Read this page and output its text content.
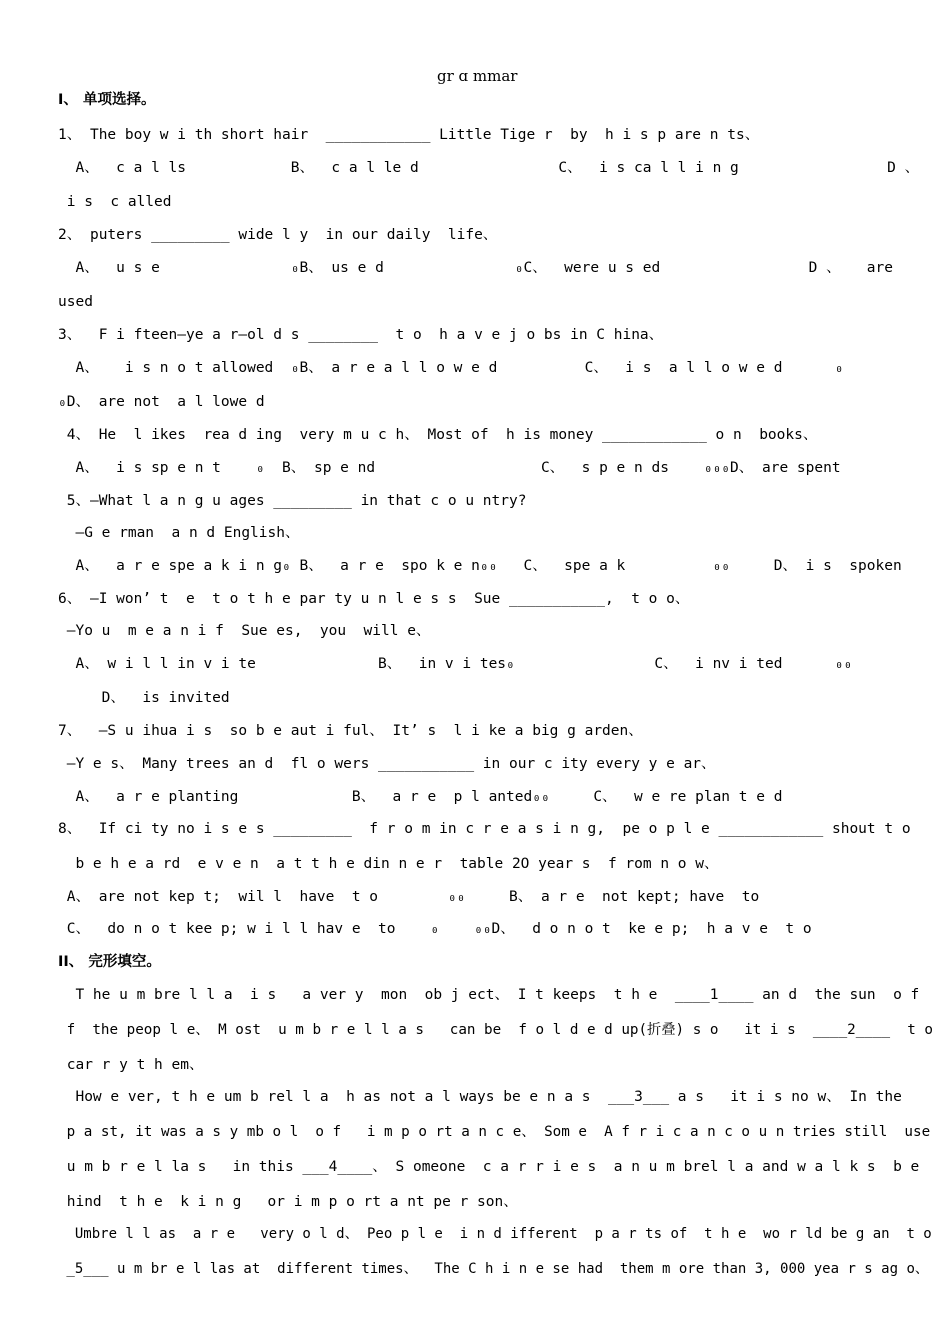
gr ɑ mmar
I、 单项选择。
1、 The boy w i th short hair  ____________ Little Tige r  by  h i s p are n ts、
A、  c a l ls            B、  c a l le d                C、  i s ca l l i n g                 D 、
i s  c alled
2、 puters _________ wide l y  in our daily  life、
A、  u s e               ₀B、 us e d               ₀C、  were u s ed                 D 、   are
used
3、  F i fteen—ye a r—ol d s ________  t o  h a v e j o bs in C hina、
A、   i s n o t allowed  ₀B、 a r e a l l o w e d          C、  i s  a l l o w e d      ₀
₀D、 are not  a l lowe d
4、 He  l ikes  rea d ing  very m u c h、 Most of  h is money ____________ o n  books、
A、  i s sp e n t    ₀  B、 sp e nd                   C、  s p e n ds    ₀₀₀D、 are spent
5、—What l a n g u ages _________ in that c o u ntry?
—G e rman  a n d English、
A、  a r e spe a k i n g₀ B、  a r e  spo k e n₀₀   C、  spe a k          ₀₀     D、 i s  spoken
6、 —I won’ t  e  t o t h e par ty u n l e s s  Sue ___________,  t o o、
—Yo u  m e a n i f  Sue es,  you  will e、
A、 w i l l in v i te              B、  in v i tes₀                C、  i nv i ted      ₀₀
D、  is invited
7、  —S u ihua i s  so b e aut i ful、 It’ s  l i ke a big g arden、
—Y e s、 Many trees an d  fl o wers ___________ in our c ity every y e ar、
A、  a r e planting             B、  a r e  p l anted₀₀     C、  w e re plan t e d
8、  If ci ty no i s e s _________  f r o m in c r e a s i n g,  pe o p l e ____________ shout t o
b e h e a rd  e v e n  a t t h e din n e r  table 2O year s  f rom n o w、
A、 are not kep t;  wil l  have  t o        ₀₀     B、 a r e  not kept; have  to
C、  do n o t kee p; w i l l hav e  to    ₀    ₀₀D、  d o n o t  ke e p;  h a v e  t o
II、 完形填空。
T he u m bre l l a  i s   a ver y  mon  ob j ect、 I t keeps  t h e  ____1____ an d  the sun  o f
f  the peop l e、 M ost  u m b r e l l a s   can be  f o l d e d up(折叠) s o   it i s  ____2____  t o
car r y t h em、
How e ver, t h e um b rel l a  h as not a l ways be e n a s  ___3___ a s   it i s no w、 In the
p a st, it was a s y mb o l  o f   i m p o rt a n c e、 Som e  A f r i c a n c o u n tries still  use
u m b r e l la s   in this ___4____、 S omeone  c a r r i e s  a n u m brel l a and w a l k s  b e
hind  t h e  k i n g   or i m p o rt a nt pe r son、
Umbre l l as  a r e   very o l d、 Peo p l e  i n d ifferent  p a r ts of  t h e  wo r ld be g an  t o
_5___ u m br e l las at  different times、  The C h i n e se had  them m ore than 3, 000 yea r s ag o、
